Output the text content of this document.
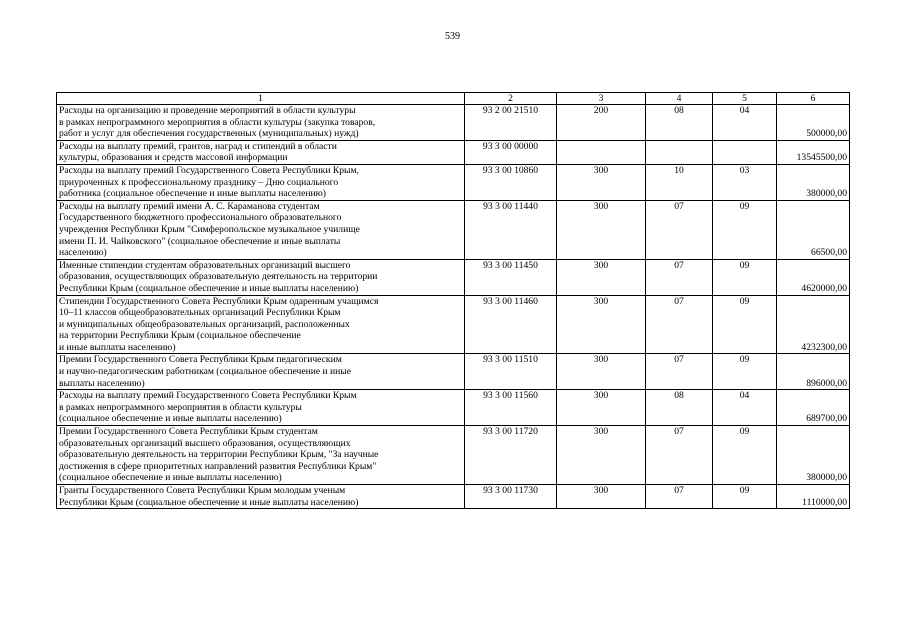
539
1	2	3	4	5	6
Расходы на организацию и проведение мероприятий в области культуры
в рамках непрограммного мероприятия в области культуры (закупка товаров,
работ и услуг для обеспечения государственных (муниципальных) нужд)	93 2 00 21510	200	08	04	500000,00
Расходы на выплату премий, грантов, наград и стипендий в области
культуры, образования и средств массовой информации	93 3 00 00000				13545500,00
Расходы на выплату премий Государственного Совета Республики Крым,
приуроченных к профессиональному празднику – Дню социального
работника (социальное обеспечение и иные выплаты населению)	93 3 00 10860	300	10	03	380000,00
Расходы на выплату премий имени А. С. Караманова студентам
Государственного бюджетного профессионального образовательного
учреждения Республики Крым "Симферопольское музыкальное училище
имени П. И. Чайковского" (социальное обеспечение и иные выплаты
населению)	93 3 00 11440	300	07	09	66500,00
Именные стипендии студентам образовательных организаций высшего
образования, осуществляющих образовательную деятельность на территории
Республики Крым (социальное обеспечение и иные выплаты населению)	93 3 00 11450	300	07	09	4620000,00
Стипендии Государственного Совета Республики Крым одаренным учащимся
10–11 классов общеобразовательных организаций Республики Крым
и муниципальных общеобразовательных организаций, расположенных
на территории Республики Крым (социальное обеспечение
и иные выплаты населению)	93 3 00 11460	300	07	09	4232300,00
Премии Государственного Совета Республики Крым педагогическим
и научно-педагогическим работникам (социальное обеспечение и иные
выплаты населению)	93 3 00 11510	300	07	09	896000,00
Расходы на выплату премий Государственного Совета Республики Крым
в рамках непрограммного мероприятия в области культуры
(социальное обеспечение и иные выплаты населению)	93 3 00 11560	300	08	04	689700,00
Премии Государственного Совета Республики Крым студентам
образовательных организаций высшего образования, осуществляющих
образовательную деятельность на территории Республики Крым, "За научные
достижения в сфере приоритетных направлений развития Республики Крым"
(социальное обеспечение и иные выплаты населению)	93 3 00 11720	300	07	09	380000,00
Гранты Государственного Совета Республики Крым молодым ученым
Республики Крым (социальное обеспечение и иные выплаты населению)	93 3 00 11730	300	07	09	1110000,00
